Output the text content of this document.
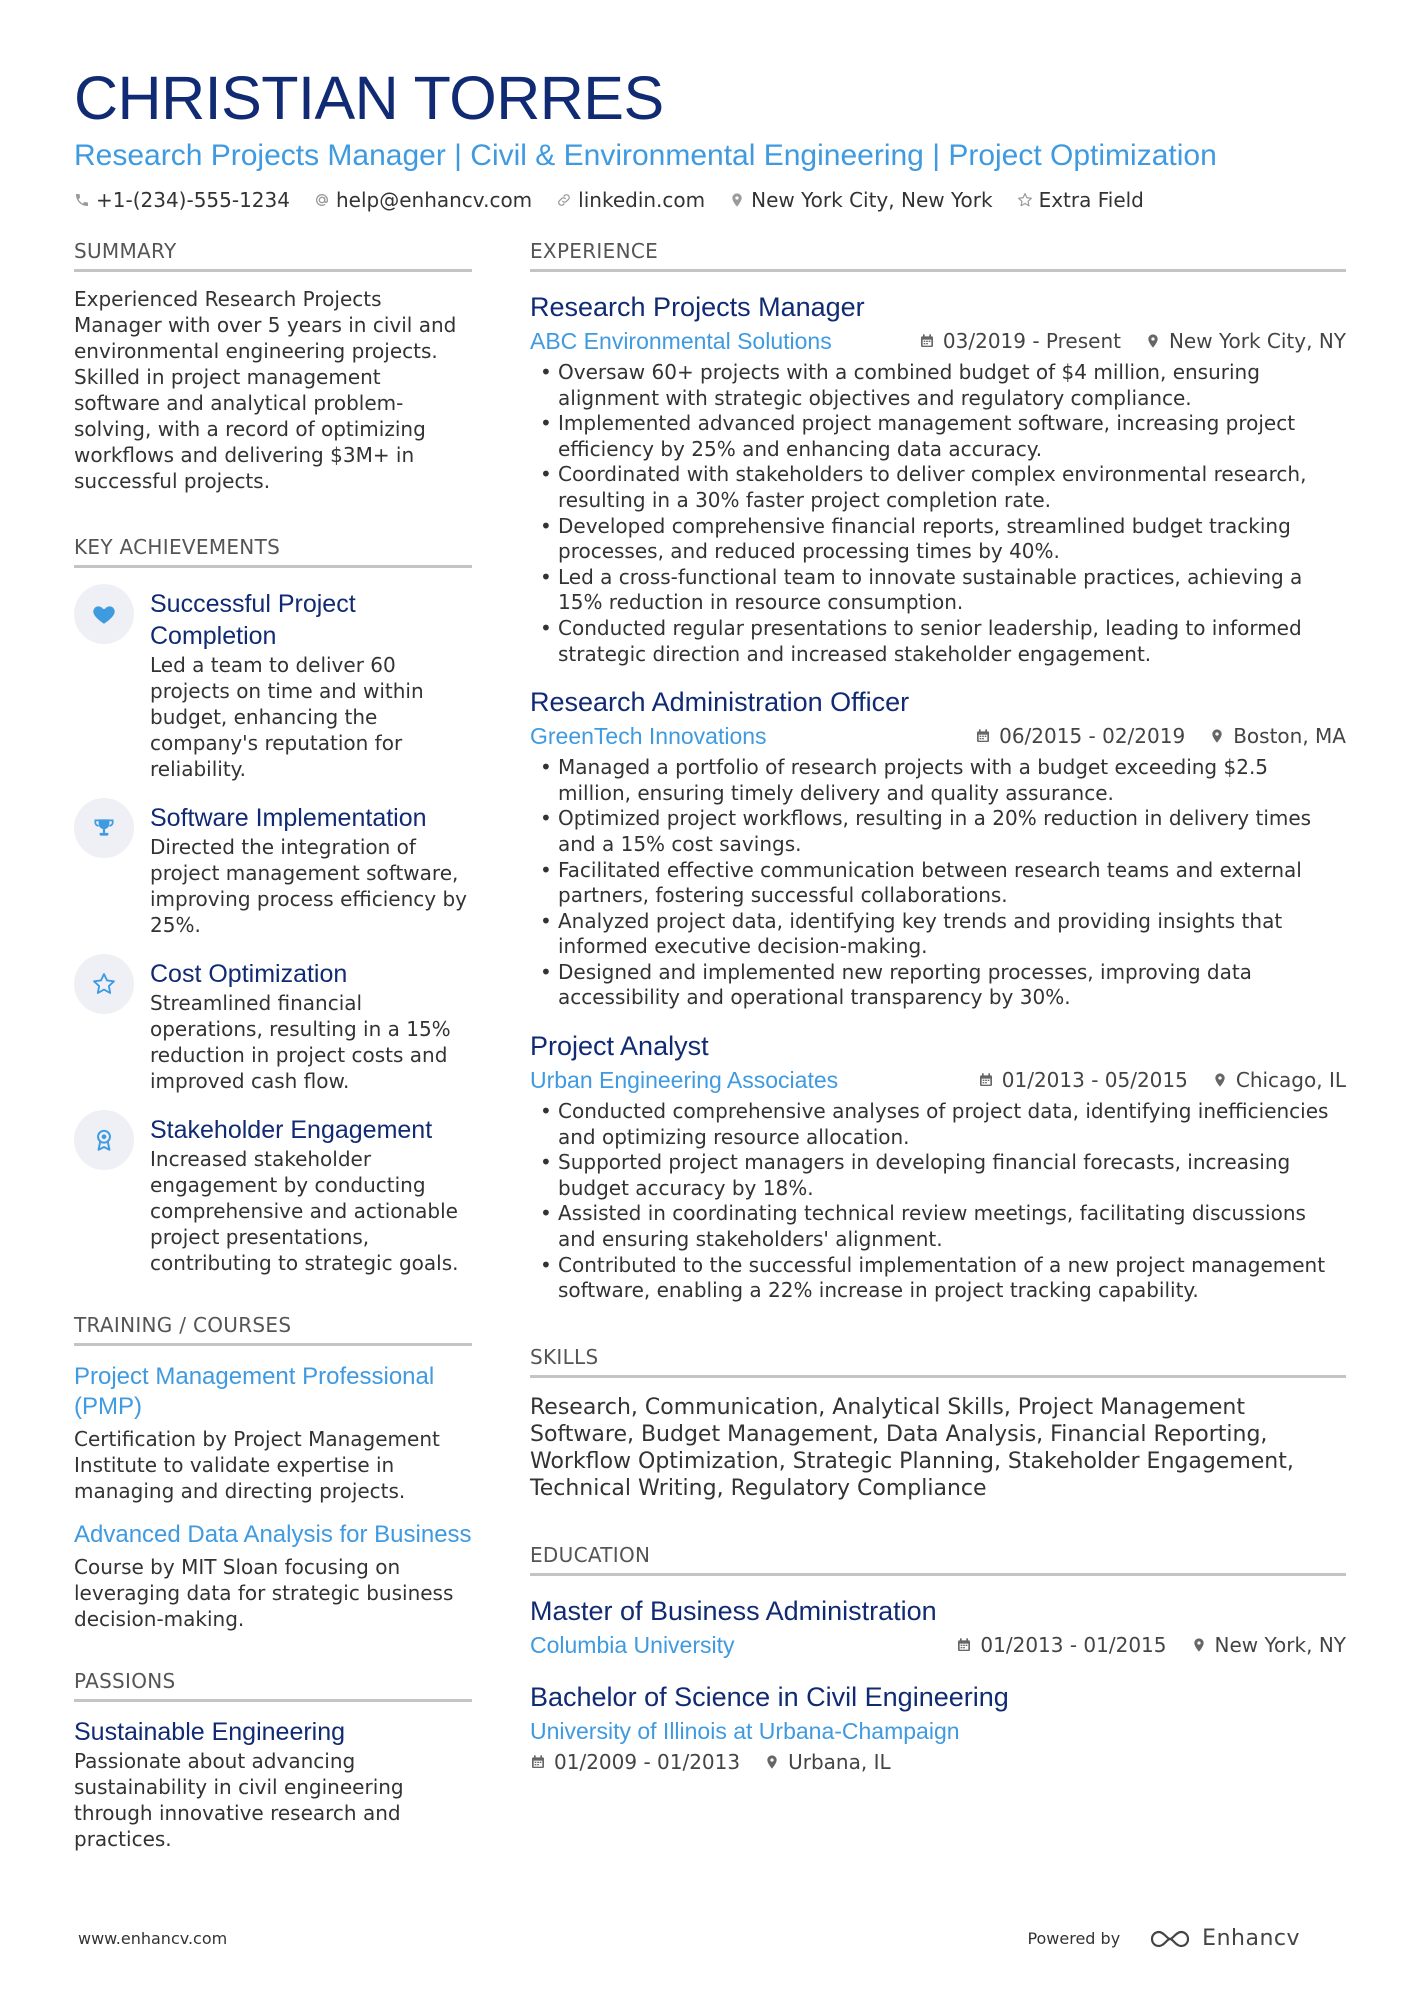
CHRISTIAN TORRES
Research Projects Manager | Civil & Environmental Engineering | Project Optimization
+1-(234)-555-1234 help@enhancv.com linkedin.com New York City, New York Extra Field
SUMMARY
Experienced Research Projects Manager with over 5 years in civil and environmental engineering projects. Skilled in project management software and analytical problem-solving, with a record of optimizing workflows and delivering $3M+ in successful projects.
KEY ACHIEVEMENTS
Successful Project Completion
Led a team to deliver 60 projects on time and within budget, enhancing the company's reputation for reliability.
Software Implementation
Directed the integration of project management software, improving process efficiency by 25%.
Cost Optimization
Streamlined financial operations, resulting in a 15% reduction in project costs and improved cash flow.
Stakeholder Engagement
Increased stakeholder engagement by conducting comprehensive and actionable project presentations, contributing to strategic goals.
TRAINING / COURSES
Project Management Professional (PMP)
Certification by Project Management Institute to validate expertise in managing and directing projects.
Advanced Data Analysis for Business
Course by MIT Sloan focusing on leveraging data for strategic business decision-making.
PASSIONS
Sustainable Engineering
Passionate about advancing sustainability in civil engineering through innovative research and practices.
EXPERIENCE
Research Projects Manager
ABC Environmental Solutions	03/2019 - Present New York City, NY
• Oversaw 60+ projects with a combined budget of $4 million, ensuring alignment with strategic objectives and regulatory compliance.
• Implemented advanced project management software, increasing project efficiency by 25% and enhancing data accuracy.
• Coordinated with stakeholders to deliver complex environmental research, resulting in a 30% faster project completion rate.
• Developed comprehensive financial reports, streamlined budget tracking processes, and reduced processing times by 40%.
• Led a cross-functional team to innovate sustainable practices, achieving a 15% reduction in resource consumption.
• Conducted regular presentations to senior leadership, leading to informed strategic direction and increased stakeholder engagement.
Research Administration Officer
GreenTech Innovations	06/2015 - 02/2019 Boston, MA
• Managed a portfolio of research projects with a budget exceeding $2.5 million, ensuring timely delivery and quality assurance.
• Optimized project workflows, resulting in a 20% reduction in delivery times and a 15% cost savings.
• Facilitated effective communication between research teams and external partners, fostering successful collaborations.
• Analyzed project data, identifying key trends and providing insights that informed executive decision-making.
• Designed and implemented new reporting processes, improving data accessibility and operational transparency by 30%.
Project Analyst
Urban Engineering Associates	01/2013 - 05/2015 Chicago, IL
• Conducted comprehensive analyses of project data, identifying inefficiencies and optimizing resource allocation.
• Supported project managers in developing financial forecasts, increasing budget accuracy by 18%.
• Assisted in coordinating technical review meetings, facilitating discussions and ensuring stakeholders' alignment.
• Contributed to the successful implementation of a new project management software, enabling a 22% increase in project tracking capability.
SKILLS
Research, Communication, Analytical Skills, Project Management Software, Budget Management, Data Analysis, Financial Reporting, Workflow Optimization, Strategic Planning, Stakeholder Engagement, Technical Writing, Regulatory Compliance
EDUCATION
Master of Business Administration
Columbia University	01/2013 - 01/2015 New York, NY
Bachelor of Science in Civil Engineering
University of Illinois at Urbana-Champaign
01/2009 - 01/2013 Urbana, IL
www.enhancv.com	Powered by	Enhancv
